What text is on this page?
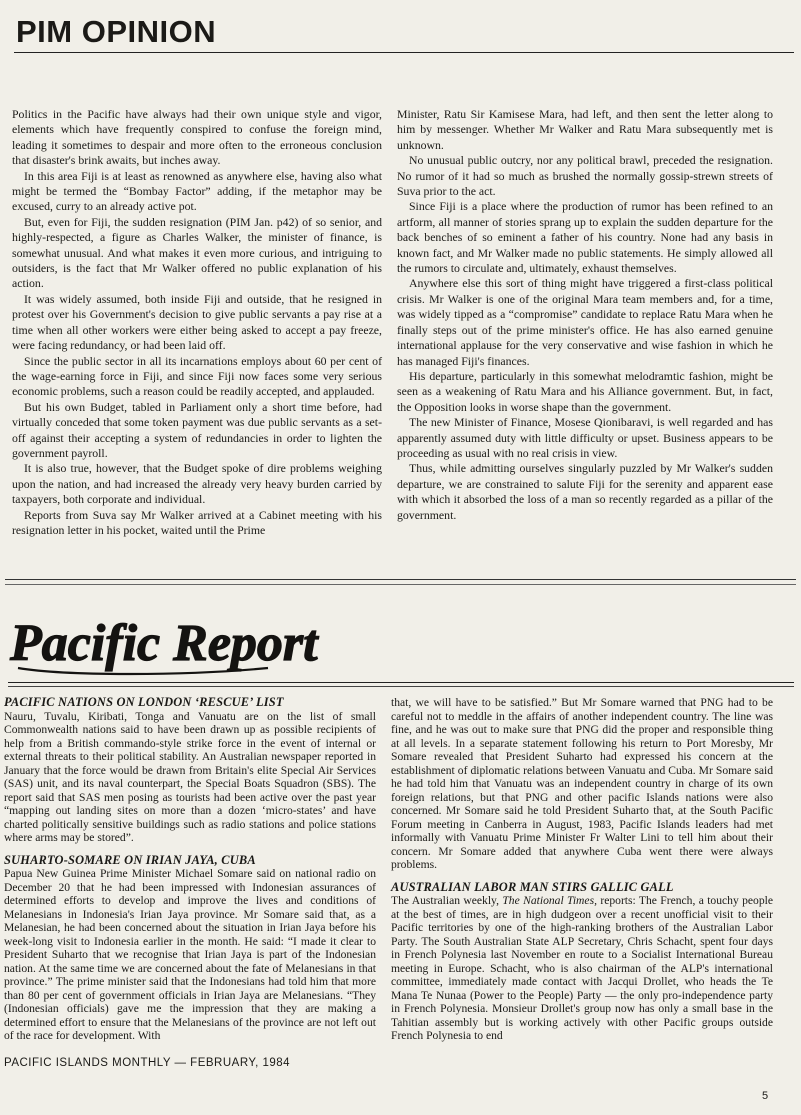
PIM OPINION

Politics in the Pacific have always had their own unique style and vigor, elements which have frequently conspired to confuse the foreign mind, leading it sometimes to despair and more often to the erroneous conclusion that disaster's brink awaits, but inches away.

In this area Fiji is at least as renowned as anywhere else, having also what might be termed the “Bombay Factor” adding, if the metaphor may be excused, curry to an already active pot.

But, even for Fiji, the sudden resignation (PIM Jan. p42) of so senior, and highly-respected, a figure as Charles Walker, the minister of finance, is somewhat unusual. And what makes it even more curious, and intriguing to outsiders, is the fact that Mr Walker offered no public explanation of his action.

It was widely assumed, both inside Fiji and outside, that he resigned in protest over his Government's decision to give public servants a pay rise at a time when all other workers were either being asked to accept a pay freeze, were facing redundancy, or had been laid off.

Since the public sector in all its incarnations employs about 60 per cent of the wage-earning force in Fiji, and since Fiji now faces some very serious economic problems, such a reason could be readily accepted, and applauded.

But his own Budget, tabled in Parliament only a short time before, had virtually conceded that some token payment was due public servants as a set-off against their accepting a system of redundancies in order to lighten the government payroll.

It is also true, however, that the Budget spoke of dire problems weighing upon the nation, and had increased the already very heavy burden carried by taxpayers, both corporate and individual.

Reports from Suva say Mr Walker arrived at a Cabinet meeting with his resignation letter in his pocket, waited until the Prime

Minister, Ratu Sir Kamisese Mara, had left, and then sent the letter along to him by messenger. Whether Mr Walker and Ratu Mara subsequently met is unknown.

No unusual public outcry, nor any political brawl, preceded the resignation. No rumor of it had so much as brushed the normally gossip-strewn streets of Suva prior to the act.

Since Fiji is a place where the production of rumor has been refined to an artform, all manner of stories sprang up to explain the sudden departure for the back benches of so eminent a father of his country. None had any basis in known fact, and Mr Walker made no public statements. He simply allowed all the rumors to circulate and, ultimately, exhaust themselves.

Anywhere else this sort of thing might have triggered a first-class political crisis. Mr Walker is one of the original Mara team members and, for a time, was widely tipped as a “compromise” candidate to replace Ratu Mara when he finally steps out of the prime minister's office. He has also earned genuine international applause for the very conservative and wise fashion in which he has managed Fiji's finances.

His departure, particularly in this somewhat melodramtic fashion, might be seen as a weakening of Ratu Mara and his Alliance government. But, in fact, the Opposition looks in worse shape than the government.

The new Minister of Finance, Mosese Qionibaravi, is well regarded and has apparently assumed duty with little difficulty or upset. Business appears to be proceeding as usual with no real crisis in view.

Thus, while admitting ourselves singularly puzzled by Mr Walker's sudden departure, we are constrained to salute Fiji for the serenity and apparent ease with which it absorbed the loss of a man so recently regarded as a pillar of the government.

Pacific Report
PACIFIC NATIONS ON LONDON ‘RESCUE’ LIST

Nauru, Tuvalu, Kiribati, Tonga and Vanuatu are on the list of small Commonwealth nations said to have been drawn up as possible recipients of help from a British commando-style strike force in the event of internal or external threats to their political stability. An Australian newspaper reported in January that the force would be drawn from Britain's elite Special Air Services (SAS) unit, and its naval counterpart, the Special Boats Squadron (SBS). The report said that SAS men posing as tourists had been active over the past year “mapping out landing sites on more than a dozen ‘micro-states’ and have charted politically sensitive buildings such as radio stations and police stations where arms may be stored”.

SUHARTO-SOMARE ON IRIAN JAYA, CUBA

Papua New Guinea Prime Minister Michael Somare said on national radio on December 20 that he had been impressed with Indonesian assurances of determined efforts to develop and improve the lives and conditions of Melanesians in Indonesia's Irian Jaya province. Mr Somare said that, as a Melanesian, he had been concerned about the situation in Irian Jaya before his week-long visit to Indonesia earlier in the month. He said: “I made it clear to President Suharto that we recognise that Irian Jaya is part of the Indonesian nation. At the same time we are concerned about the fate of Melanesians in that province.” The prime minister said that the Indonesians had told him that more than 80 per cent of government officials in Irian Jaya are Melanesians. “They (Indonesian officials) gave me the impression that they are making a determined effort to ensure that the Melanesians of the province are not left out of the race for development. With

that, we will have to be satisfied.” But Mr Somare warned that PNG had to be careful not to meddle in the affairs of another independent country. The line was fine, and he was out to make sure that PNG did the proper and responsible thing at all levels. In a separate statement following his return to Port Moresby, Mr Somare revealed that President Suharto had expressed his concern at the establishment of diplomatic relations between Vanuatu and Cuba. Mr Somare said he had told him that Vanuatu was an independent country in charge of its own foreign relations, but that PNG and other pacific Islands nations were also concerned. Mr Somare said he told President Suharto that, at the South Pacific Forum meeting in Canberra in August, 1983, Pacific Islands leaders had met informally with Vanuatu Prime Minister Fr Walter Lini to tell him about their concern. Mr Somare added that anywhere Cuba went there were always problems.

AUSTRALIAN LABOR MAN STIRS GALLIC GALL

The Australian weekly, The National Times, reports: The French, a touchy people at the best of times, are in high dudgeon over a recent unofficial visit to their Pacific territories by one of the high-ranking brothers of the Australian Labor Party. The South Australian State ALP Secretary, Chris Schacht, spent four days in French Polynesia last November en route to a Socialist International Bureau meeting in Europe. Schacht, who is also chairman of the ALP's international committee, immediately made contact with Jacqui Drollet, who heads the Te Mana Te Nunaa (Power to the People) Party — the only pro-independence party in French Polynesia. Monsieur Drollet's group now has only a small base in the Tahitian assembly but is working actively with other Pacific groups outside French Polynesia to end

PACIFIC ISLANDS MONTHLY — FEBRUARY, 1984

5
